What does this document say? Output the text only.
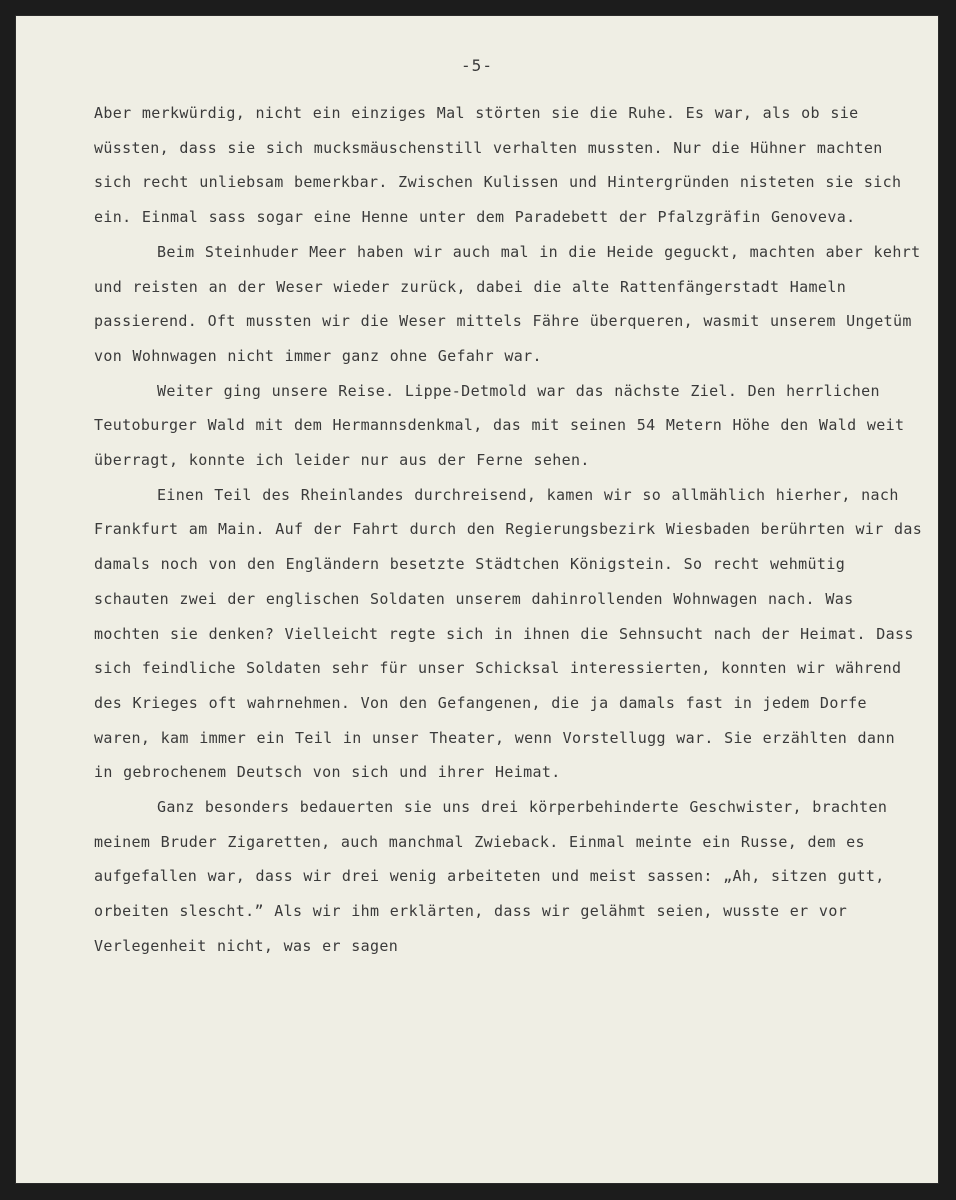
-5-

Aber merkwürdig, nicht ein einziges Mal störten sie die Ruhe. Es war, als ob sie wüssten, dass sie sich mucksmäuschenstill verhalten mussten. Nur die Hühner machten sich recht unliebsam bemerkbar. Zwischen Kulissen und Hintergründen nisteten sie sich ein. Einmal sass sogar eine Henne unter dem Paradebett der Pfalzgräfin Genoveva.

Beim Steinhuder Meer haben wir auch mal in die Heide geguckt, machten aber kehrt und reisten an der Weser wieder zurück, dabei die alte Rattenfängerstadt Hameln passierend. Oft mussten wir die Weser mittels Fähre überqueren, wasmit unserem Ungetüm von Wohnwagen nicht immer ganz ohne Gefahr war.

Weiter ging unsere Reise. Lippe-Detmold war das nächste Ziel. Den herrlichen Teutoburger Wald mit dem Hermannsdenkmal, das mit seinen 54 Metern Höhe den Wald weit überragt, konnte ich leider nur aus der Ferne sehen.

Einen Teil des Rheinlandes durchreisend, kamen wir so allmählich hierher, nach Frankfurt am Main. Auf der Fahrt durch den Regierungsbezirk Wiesbaden berührten wir das damals noch von den Engländern besetzte Städtchen Königstein. So recht wehmütig schauten zwei der englischen Soldaten unserem dahinrollenden Wohnwagen nach. Was mochten sie denken? Vielleicht regte sich in ihnen die Sehnsucht nach der Heimat. Dass sich feindliche Soldaten sehr für unser Schicksal interessierten, konnten wir während des Krieges oft wahrnehmen. Von den Gefangenen, die ja damals fast in jedem Dorfe waren, kam immer ein Teil in unser Theater, wenn Vorstellugg war. Sie erzählten dann in gebrochenem Deutsch von sich und ihrer Heimat.

Ganz besonders bedauerten sie uns drei körperbehinderte Geschwister, brachten meinem Bruder Zigaretten, auch manchmal Zwieback. Einmal meinte ein Russe, dem es aufgefallen war, dass wir drei wenig arbeiteten und meist sassen: „Ah, sitzen gutt, orbeiten slescht.” Als wir ihm erklärten, dass wir gelähmt seien, wusste er vor Verlegenheit nicht, was er sagen
